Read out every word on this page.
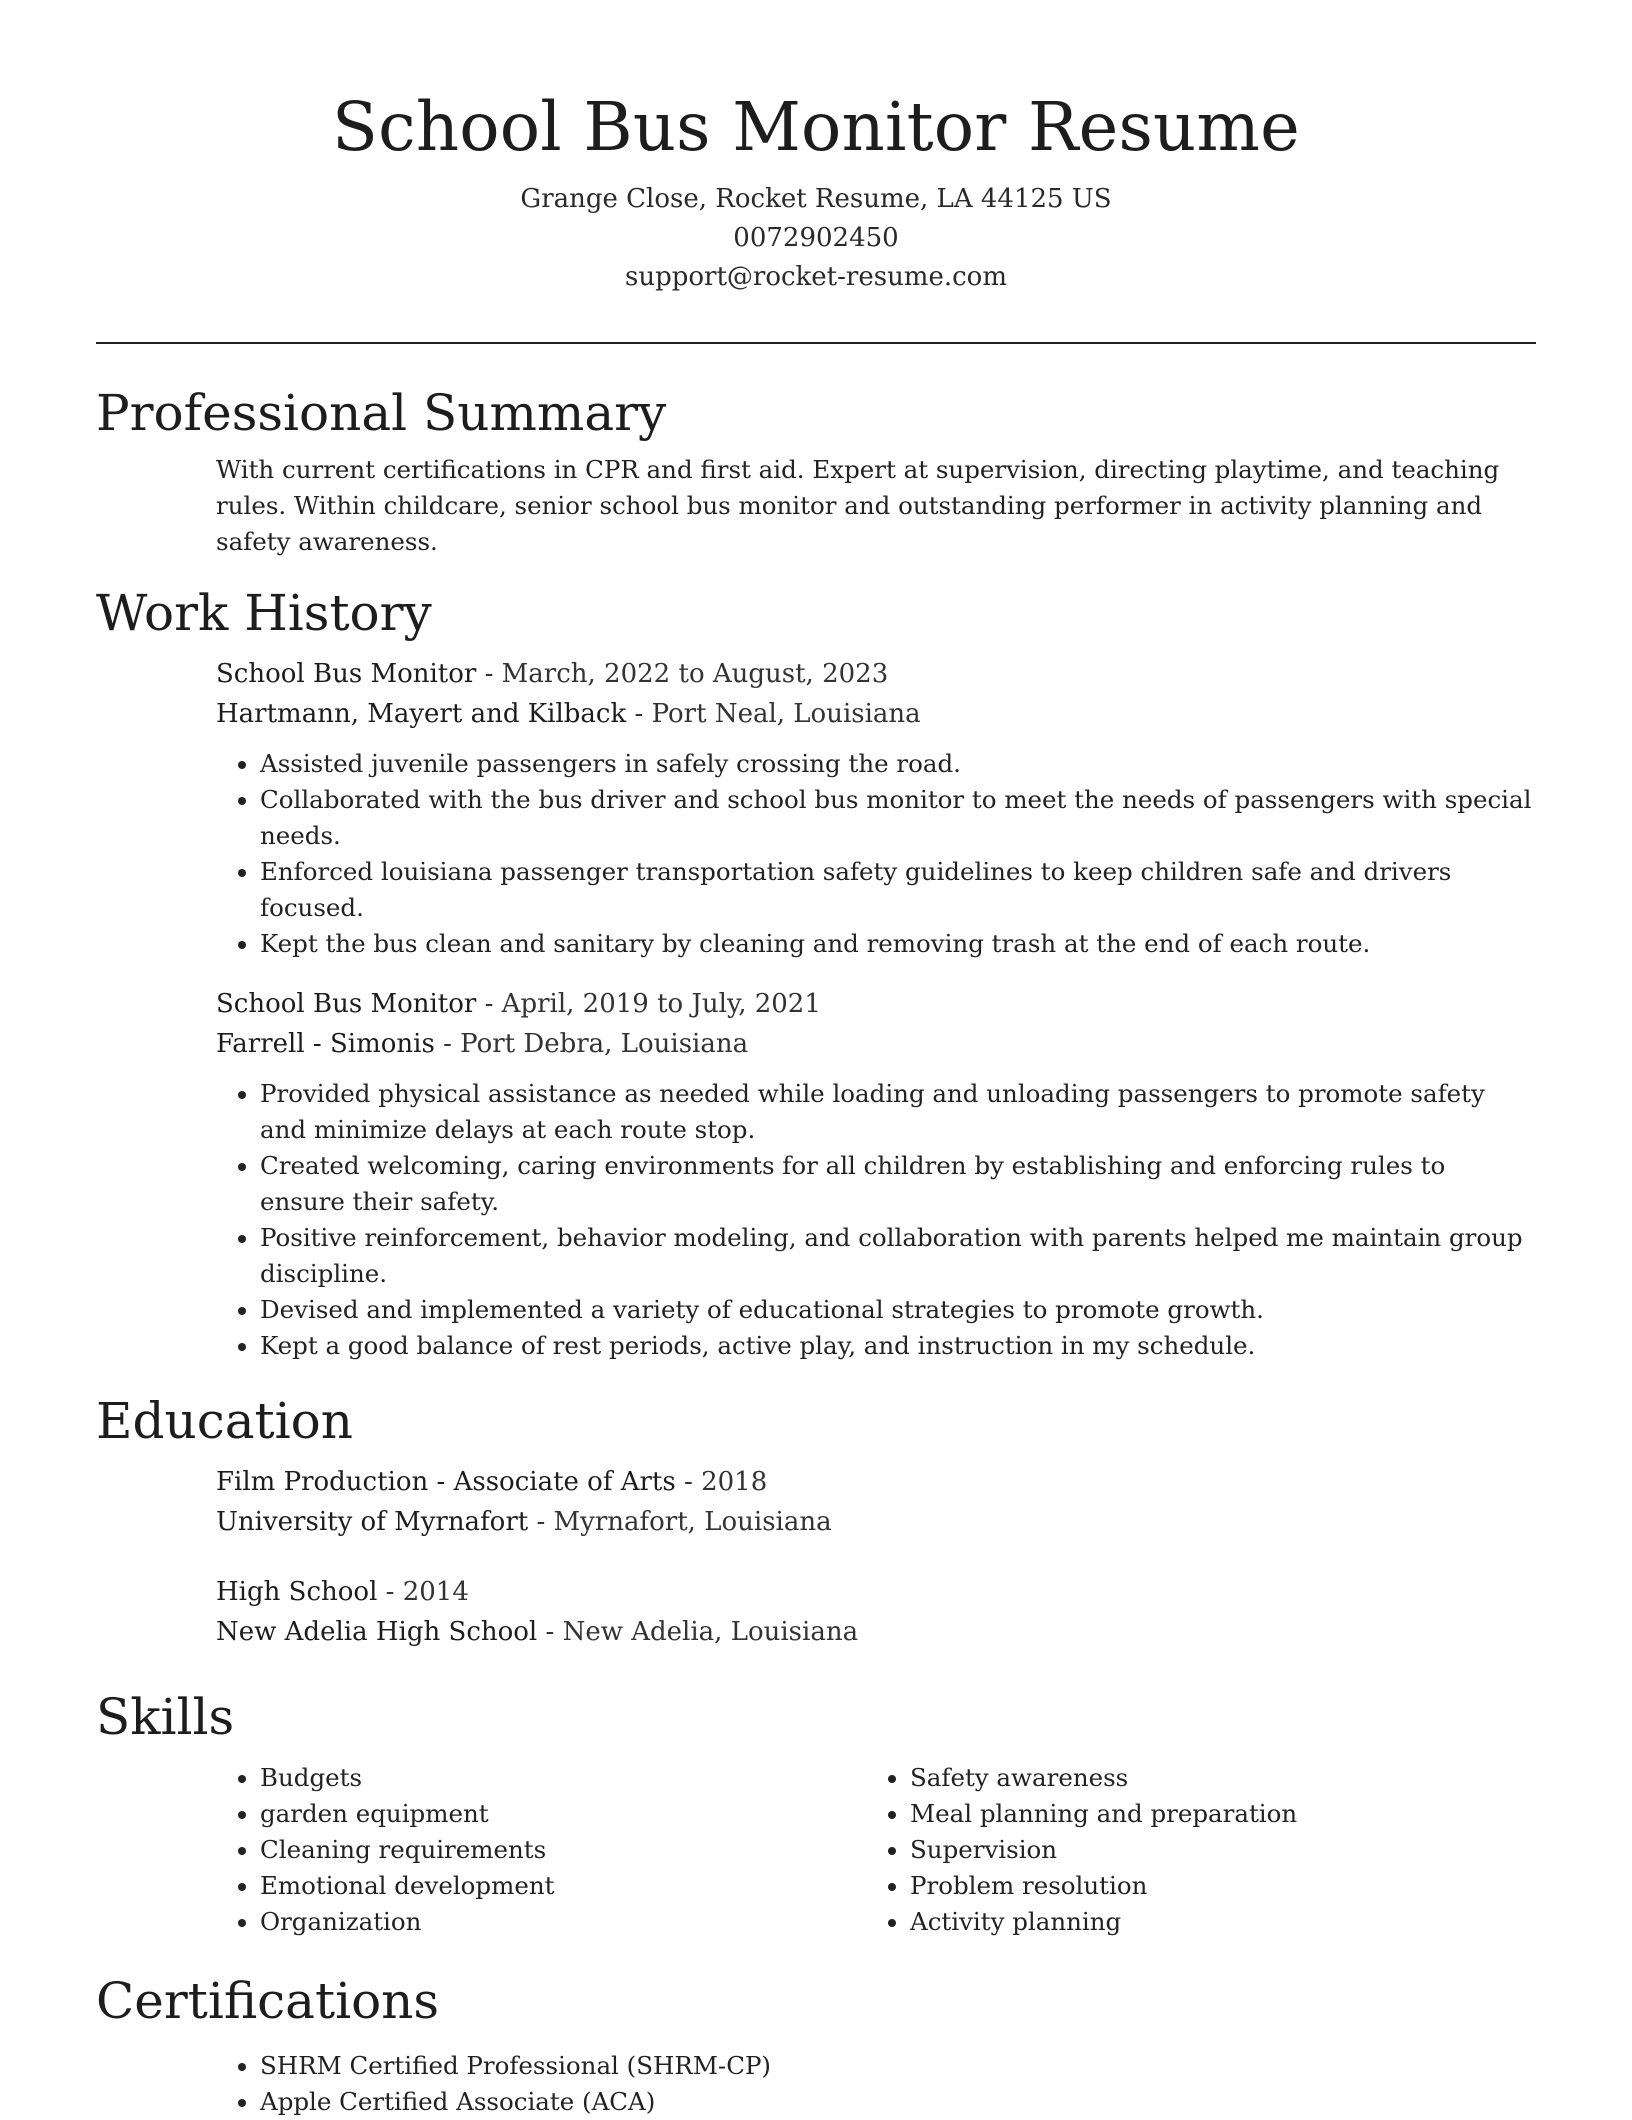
School Bus Monitor Resume
Grange Close, Rocket Resume, LA 44125 US
0072902450
support@rocket-resume.com
Professional Summary

With current certifications in CPR and first aid. Expert at supervision, directing playtime, and teaching rules. Within childcare, senior school bus monitor and outstanding performer in activity planning and safety awareness.

Work History
School Bus Monitor - March, 2022 to August, 2023
Hartmann, Mayert and Kilback - Port Neal, Louisiana
• Assisted juvenile passengers in safely crossing the road.
• Collaborated with the bus driver and school bus monitor to meet the needs of passengers with special needs.
• Enforced louisiana passenger transportation safety guidelines to keep children safe and drivers focused.
• Kept the bus clean and sanitary by cleaning and removing trash at the end of each route.
School Bus Monitor - April, 2019 to July, 2021
Farrell - Simonis - Port Debra, Louisiana
• Provided physical assistance as needed while loading and unloading passengers to promote safety and minimize delays at each route stop.
• Created welcoming, caring environments for all children by establishing and enforcing rules to ensure their safety.
• Positive reinforcement, behavior modeling, and collaboration with parents helped me maintain group discipline.
• Devised and implemented a variety of educational strategies to promote growth.
• Kept a good balance of rest periods, active play, and instruction in my schedule.
Education
Film Production - Associate of Arts - 2018
University of Myrnafort - Myrnafort, Louisiana
High School - 2014
New Adelia High School - New Adelia, Louisiana
Skills
• Budgets
• garden equipment
• Cleaning requirements
• Emotional development
• Organization
• Safety awareness
• Meal planning and preparation
• Supervision
• Problem resolution
• Activity planning
Certifications
• SHRM Certified Professional (SHRM-CP)
• Apple Certified Associate (ACA)
